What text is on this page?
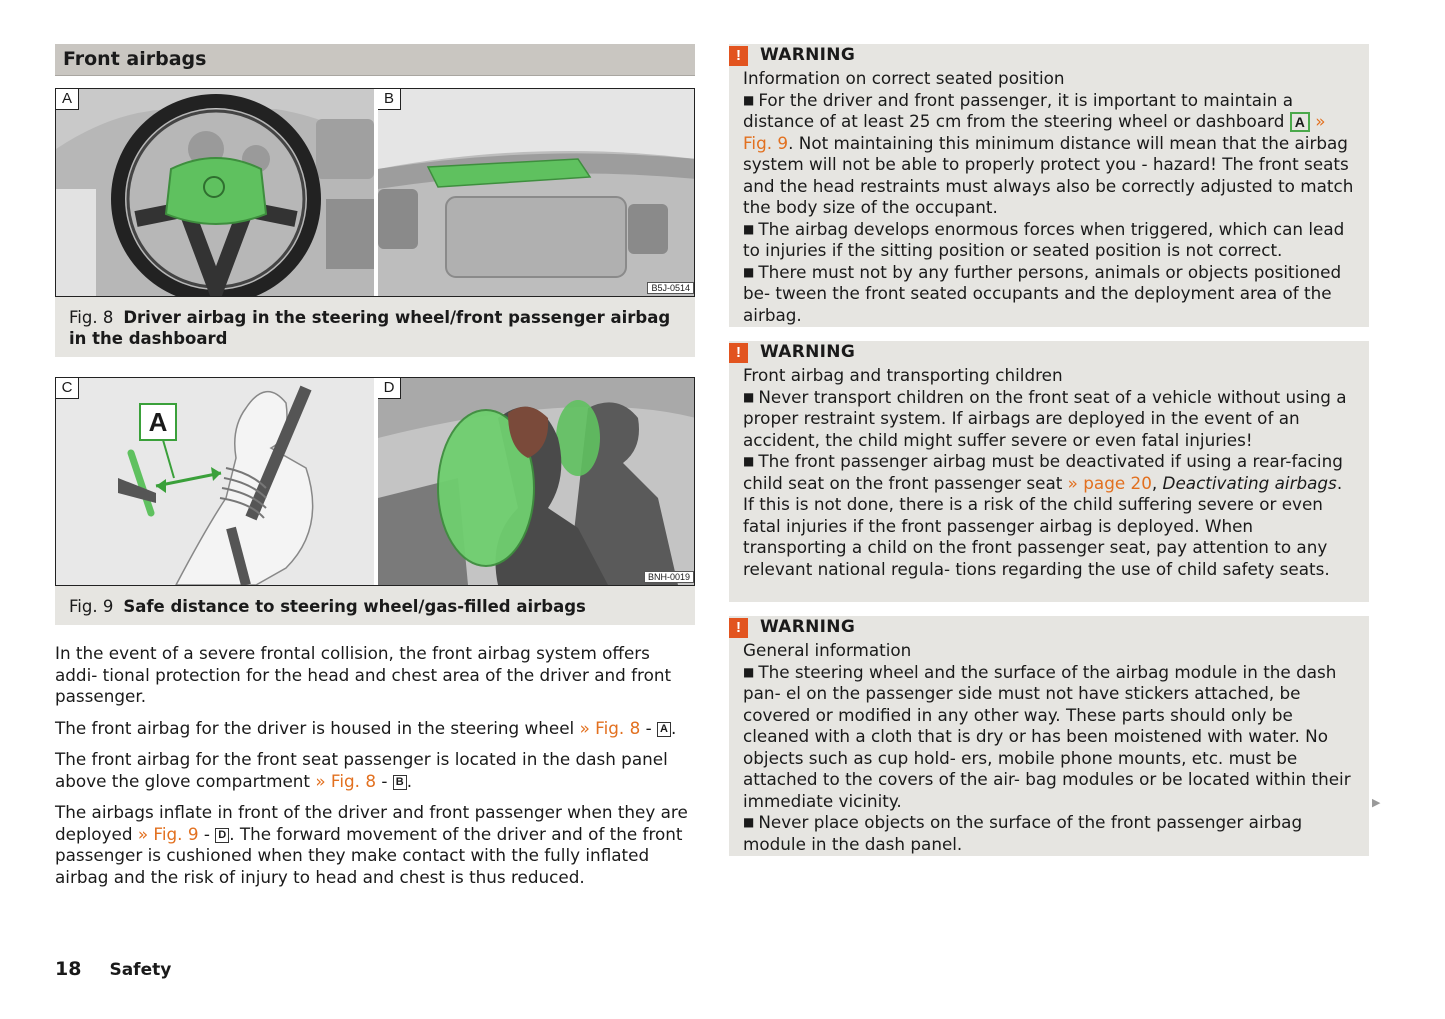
Front airbags
A	B
B5J-0514
Fig. 8 Driver airbag in the steering wheel/front passenger airbag in the dashboard
A
C	D
BNH-0019
Fig. 9 Safe distance to steering wheel/gas-filled airbags

In the event of a severe frontal collision, the front airbag system offers addi- tional protection for the head and chest area of the driver and front passenger.

The front airbag for the driver is housed in the steering wheel » Fig. 8 - A .

The front airbag for the front seat passenger is located in the dash panel above the glove compartment » Fig. 8 - B .

The airbags inflate in front of the driver and front passenger when they are deployed » Fig. 9 - D . The forward movement of the driver and of the front passenger is cushioned when they make contact with the fully inflated airbag and the risk of injury to head and chest is thus reduced.

!	WARNING

Information on correct seated position

■ For the driver and front passenger, it is important to maintain a distance of at least 25 cm from the steering wheel or dashboard A » Fig. 9. Not maintaining this minimum distance will mean that the airbag system will not be able to properly protect you - hazard! The front seats and the head restraints must always also be correctly adjusted to match the body size of the occupant.

■ The airbag develops enormous forces when triggered, which can lead to injuries if the sitting position or seated position is not correct.

■ There must not by any further persons, animals or objects positioned be- tween the front seated occupants and the deployment area of the airbag.

!	WARNING

Front airbag and transporting children

■ Never transport children on the front seat of a vehicle without using a proper restraint system. If airbags are deployed in the event of an accident, the child might suffer severe or even fatal injuries!

■ The front passenger airbag must be deactivated if using a rear-facing child seat on the front passenger seat » page 20, Deactivating airbags. If this is not done, there is a risk of the child suffering severe or even fatal injuries if the front passenger airbag is deployed. When transporting a child on the front passenger seat, pay attention to any relevant national regula- tions regarding the use of child safety seats.

!	WARNING

General information

■ The steering wheel and the surface of the airbag module in the dash pan- el on the passenger side must not have stickers attached, be covered or modified in any other way. These parts should only be cleaned with a cloth that is dry or has been moistened with water. No objects such as cup hold- ers, mobile phone mounts, etc. must be attached to the covers of the air- bag modules or be located within their immediate vicinity.

■ Never place objects on the surface of the front passenger airbag module in the dash panel.

▶
18 Safety
